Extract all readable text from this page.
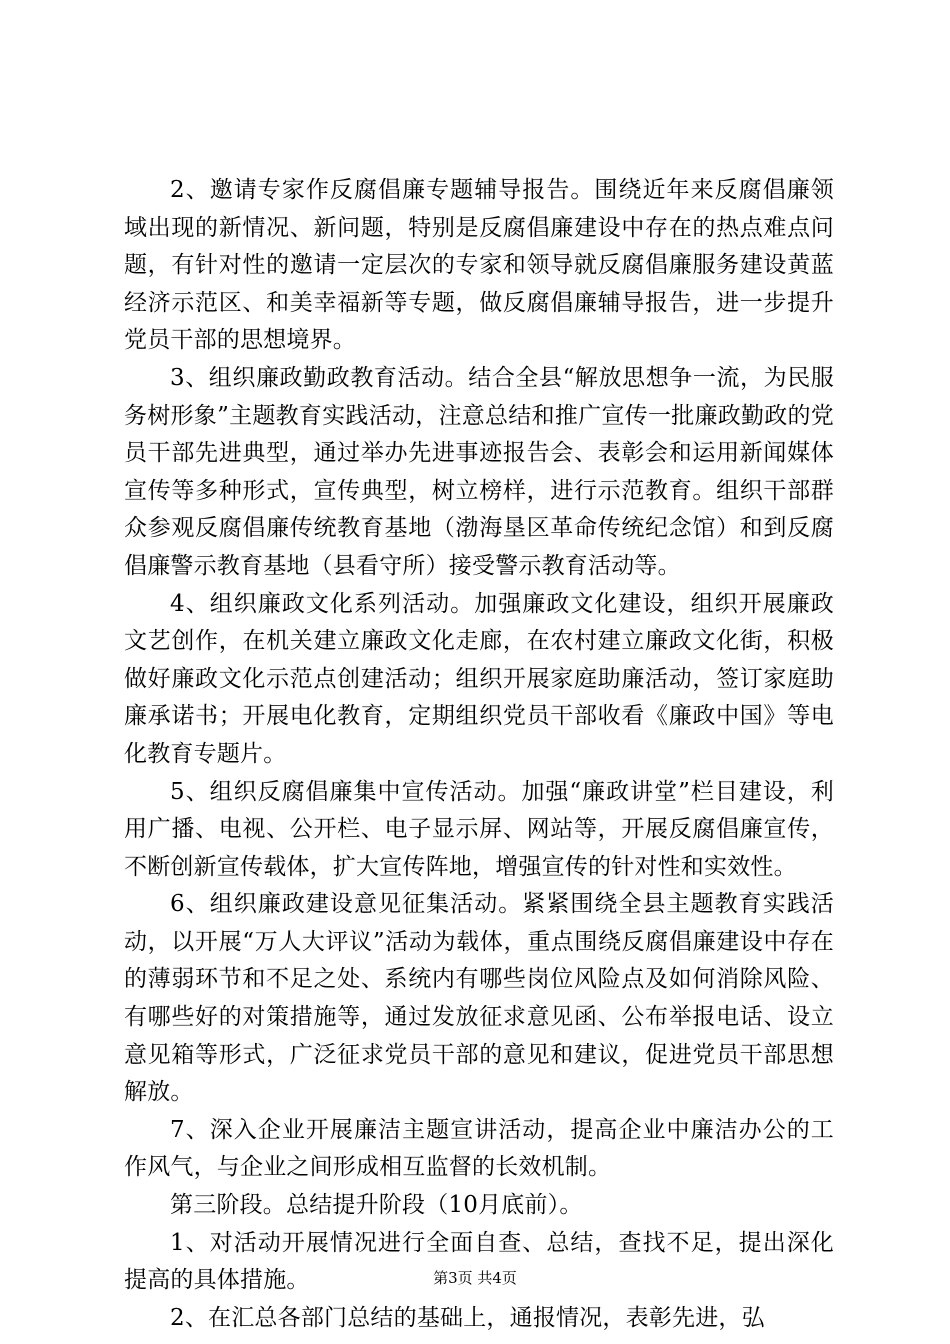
2、邀请专家作反腐倡廉专题辅导报告。围绕近年来反腐倡廉领域出现的新情况、新问题，特别是反腐倡廉建设中存在的热点难点问题，有针对性的邀请一定层次的专家和领导就反腐倡廉服务建设黄蓝经济示范区、和美幸福新等专题，做反腐倡廉辅导报告，进一步提升党员干部的思想境界。

3、组织廉政勤政教育活动。结合全县“解放思想争一流，为民服务树形象”主题教育实践活动，注意总结和推广宣传一批廉政勤政的党员干部先进典型，通过举办先进事迹报告会、表彰会和运用新闻媒体宣传等多种形式，宣传典型，树立榜样，进行示范教育。组织干部群众参观反腐倡廉传统教育基地（渤海垦区革命传统纪念馆）和到反腐倡廉警示教育基地（县看守所）接受警示教育活动等。

4、组织廉政文化系列活动。加强廉政文化建设，组织开展廉政文艺创作，在机关建立廉政文化走廊，在农村建立廉政文化街，积极做好廉政文化示范点创建活动；组织开展家庭助廉活动，签订家庭助廉承诺书；开展电化教育，定期组织党员干部收看《廉政中国》等电化教育专题片。

5、组织反腐倡廉集中宣传活动。加强“廉政讲堂”栏目建设，利用广播、电视、公开栏、电子显示屏、网站等，开展反腐倡廉宣传，不断创新宣传载体，扩大宣传阵地，增强宣传的针对性和实效性。

6、组织廉政建设意见征集活动。紧紧围绕全县主题教育实践活动，以开展“万人大评议”活动为载体，重点围绕反腐倡廉建设中存在的薄弱环节和不足之处、系统内有哪些岗位风险点及如何消除风险、有哪些好的对策措施等，通过发放征求意见函、公布举报电话、设立意见箱等形式，广泛征求党员干部的意见和建议，促进党员干部思想解放。

7、深入企业开展廉洁主题宣讲活动，提高企业中廉洁办公的工作风气，与企业之间形成相互监督的长效机制。

第三阶段。总结提升阶段（10月底前）。

1、对活动开展情况进行全面自查、总结，查找不足，提出深化提高的具体措施。

2、在汇总各部门总结的基础上，通报情况，表彰先进，弘

第3页 共4页
